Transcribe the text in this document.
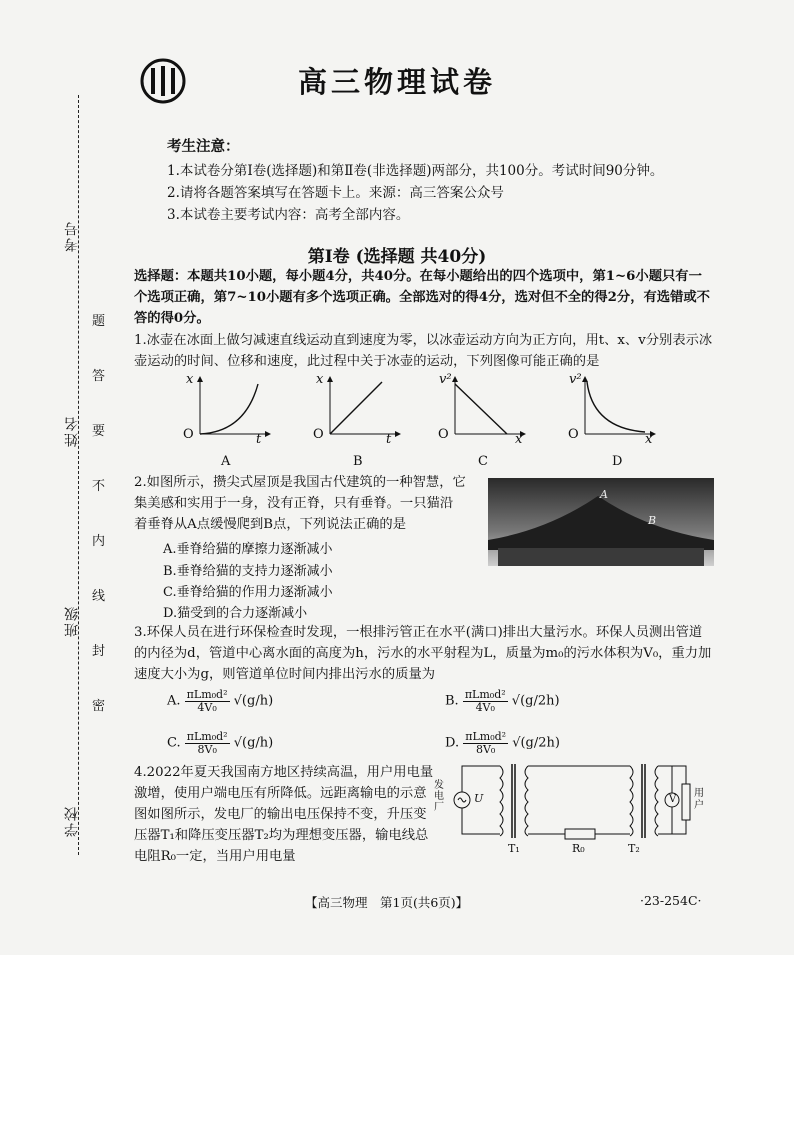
考号
姓名
班级
学校
题
答
要
不
内
线
封
密
高三物理试卷
考生注意：
1.本试卷分第Ⅰ卷(选择题)和第Ⅱ卷(非选择题)两部分，共100分。考试时间90分钟。
2.请将各题答案填写在答题卡上。来源：高三答案公众号
3.本试卷主要考试内容：高考全部内容。
第Ⅰ卷 (选择题 共40分)
选择题：本题共10小题，每小题4分，共40分。在每小题给出的四个选项中，第1~6小题只有一个选项正确，第7~10小题有多个选项正确。全部选对的得4分，选对但不全的得2分，有选错或不答的得0分。
1.冰壶在冰面上做匀减速直线运动直到速度为零，以冰壶运动方向为正方向，用t、x、v分别表示冰壶运动的时间、位移和速度，此过程中关于冰壶的运动，下列图像可能正确的是
x	x	v²	v²
t	t	x	x
O	O	O	O
A	B	C	D
2.如图所示，攒尖式屋顶是我国古代建筑的一种智慧，它集美感和实用于一身，没有正脊，只有垂脊。一只猫沿着垂脊从A点缓慢爬到B点，下列说法正确的是
A.垂脊给猫的摩擦力逐渐减小
B.垂脊给猫的支持力逐渐减小
C.垂脊给猫的作用力逐渐减小
D.猫受到的合力逐渐减小
A
B
3.环保人员在进行环保检查时发现，一根排污管正在水平(满口)排出大量污水。环保人员测出管道的内径为d，管道中心离水面的高度为h，污水的水平射程为L，质量为m₀的污水体积为V₀，重力加速度大小为g，则管道单位时间内排出污水的质量为
A. $\frac{\text{πLm₀d²}}{\text{4V₀}} √(g/h)$	B. $\frac{\text{πLm₀d²}}{\text{4V₀}} √(g/2h)$
C. $\frac{\text{πLm₀d²}}{\text{8V₀}} √(g/h)$	D. $\frac{\text{πLm₀d²}}{\text{8V₀}} √(g/2h)$
4.2022年夏天我国南方地区持续高温，用户用电量激增，使用户端电压有所降低。远距离输电的示意图如图所示，发电厂的输出电压保持不变，升压变压器T₁和降压变压器T₂均为理想变压器，输电线总电阻R₀一定，当用户用电量
发电厂
U
T₁	R₀	T₂
V
用户
【高三物理　第1页(共6页)】	·23-254C·
